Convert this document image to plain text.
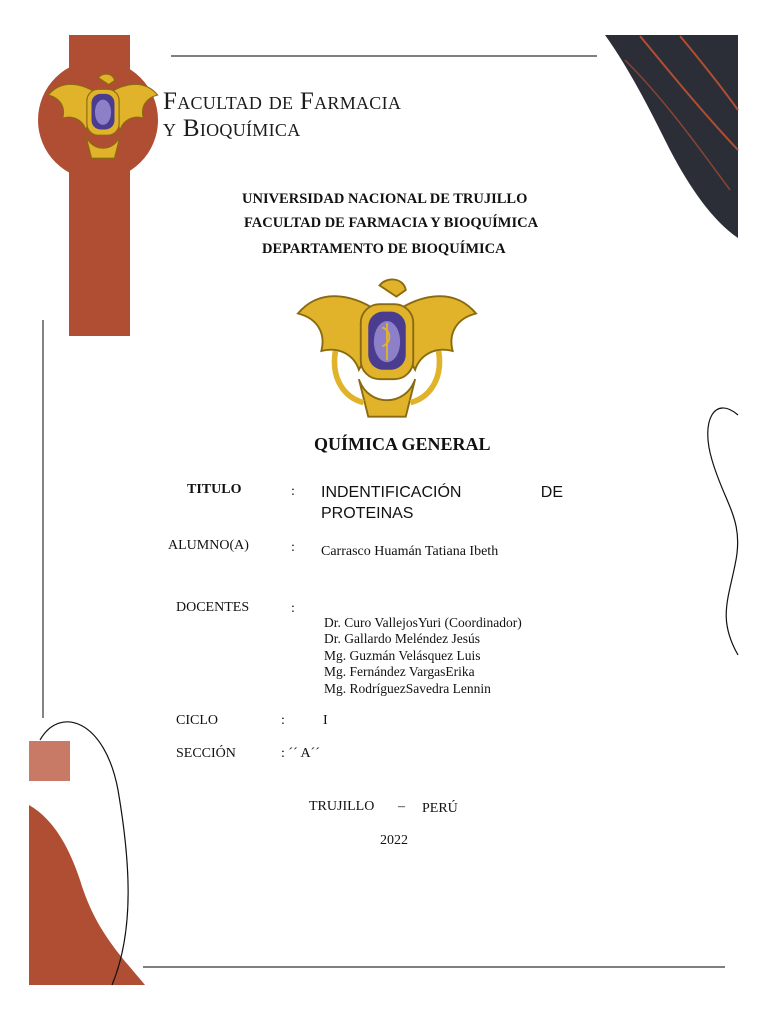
Facultad de Farmacia
y Bioquímica
UNIVERSIDAD NACIONAL DE TRUJILLO
FACULTAD DE FARMACIA Y BIOQUÍMICA
DEPARTAMENTO DE BIOQUÍMICA
QUÍMICA GENERAL
TITULO	: INDENTIFICACIÓN	DE
PROTEINAS
ALUMNO(A)	: Carrasco Huamán Tatiana Ibeth
DOCENTES	:
Dr. Curo VallejosYuri (Coordinador)
Dr. Gallardo Meléndez Jesús
Mg. Guzmán Velásquez Luis
Mg. Fernández VargasErika
Mg. RodríguezSavedra Lennin
CICLO	:	I
SECCIÓN	: ´´ A´´
TRUJILLO – PERÚ
2022
